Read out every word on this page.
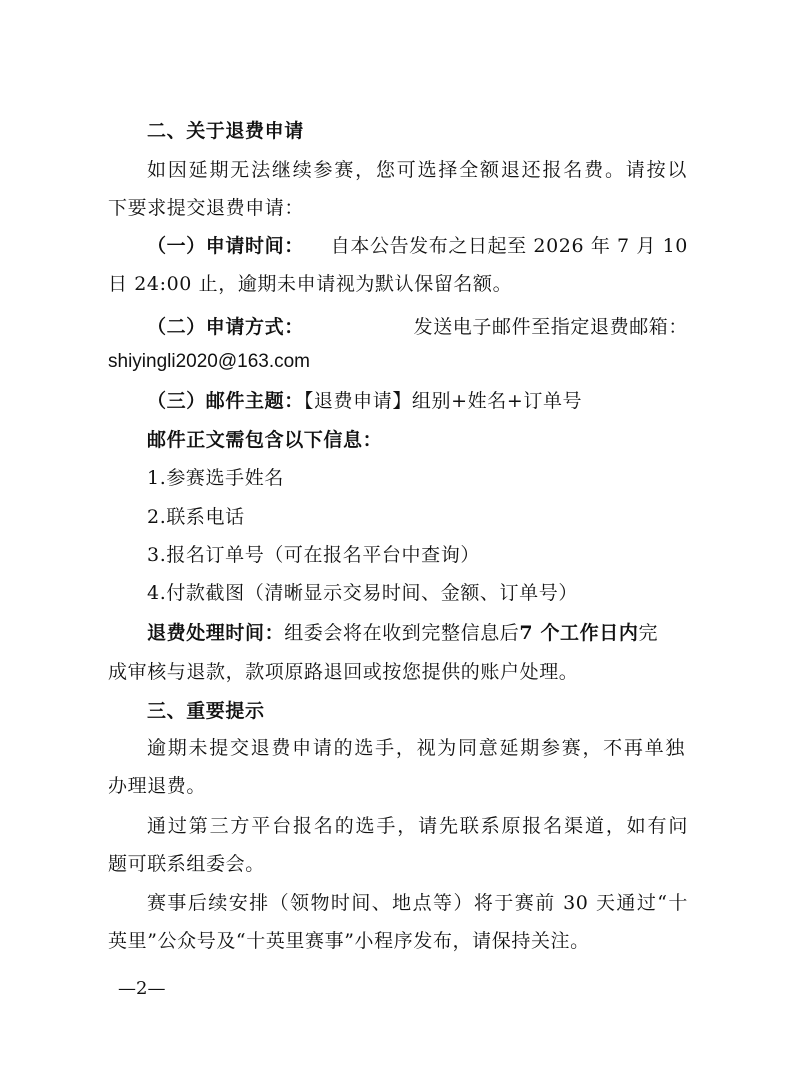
二、关于退费申请
如因延期无法继续参赛，您可选择全额退还报名费。请按以
下要求提交退费申请：
（一）申请时间： 自本公告发布之日起至 2026 年 7 月 10
日 24:00 止，逾期未申请视为默认保留名额。
（二）申请方式：	发送电子邮件至指定退费邮箱：
shiyingli2020@163.com
（三）邮件主题：【退费申请】组别+姓名+订单号
邮件正文需包含以下信息：
1.参赛选手姓名
2.联系电话
3.报名订单号（可在报名平台中查询）
4.付款截图（清晰显示交易时间、金额、订单号）
退费处理时间：组委会将在收到完整信息后7 个工作日内完
成审核与退款，款项原路退回或按您提供的账户处理。
三、重要提示
逾期未提交退费申请的选手，视为同意延期参赛，不再单独
办理退费。
通过第三方平台报名的选手，请先联系原报名渠道，如有问
题可联系组委会。
赛事后续安排（领物时间、地点等）将于赛前 30 天通过“十
英里”公众号及“十英里赛事”小程序发布，请保持关注。
—2—
